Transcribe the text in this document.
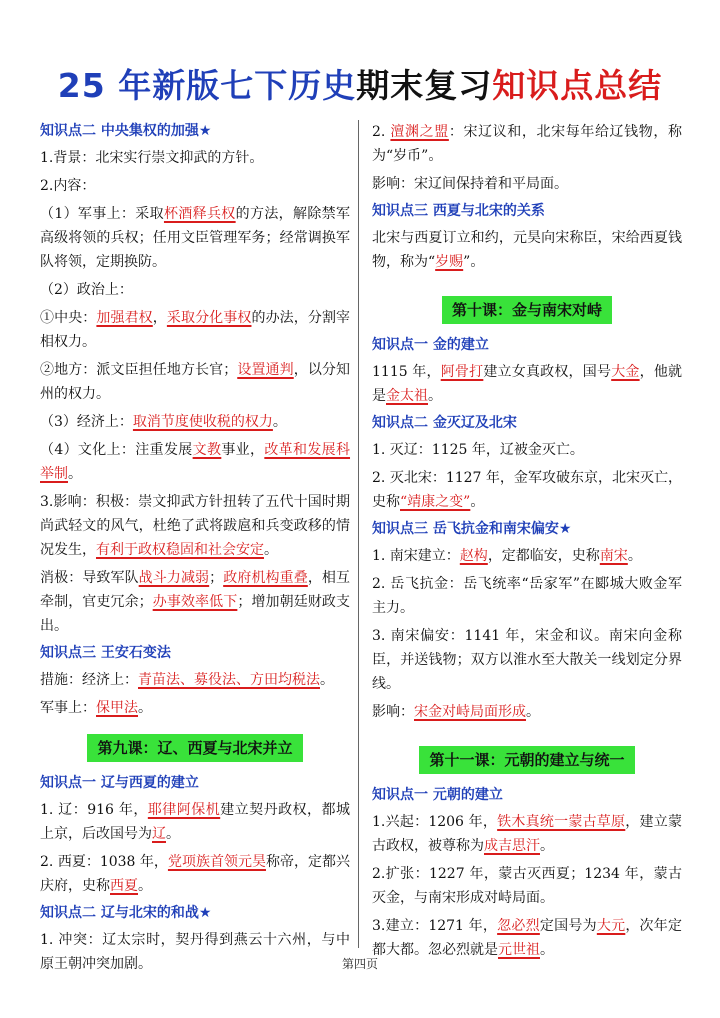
25 年新版七下历史期末复习知识点总结
知识点二 中央集权的加强★
1.背景：北宋实行崇文抑武的方针。
2.内容：
（1）军事上：采取杯酒释兵权的方法，解除禁军高级将领的兵权；任用文臣管理军务；经常调换军队将领，定期换防。
（2）政治上：
①中央：加强君权，采取分化事权的办法，分割宰相权力。
②地方：派文臣担任地方长官；设置通判，以分知州的权力。
（3）经济上：取消节度使收税的权力。
（4）文化上：注重发展文教事业，改革和发展科举制。
3.影响：积极：崇文抑武方针扭转了五代十国时期尚武轻文的风气，杜绝了武将跋扈和兵变政移的情况发生，有利于政权稳固和社会安定。
消极：导致军队战斗力减弱；政府机构重叠，相互牵制，官吏冗余；办事效率低下；增加朝廷财政支出。
知识点三 王安石变法
措施：经济上：青苗法、募役法、方田均税法。
军事上：保甲法。
第九课：辽、西夏与北宋并立
知识点一 辽与西夏的建立
1. 辽：916 年，耶律阿保机建立契丹政权，都城上京，后改国号为辽。
2. 西夏：1038 年，党项族首领元昊称帝，定都兴庆府，史称西夏。
知识点二 辽与北宋的和战★
1. 冲突：辽太宗时，契丹得到燕云十六州，与中原王朝冲突加剧。
2. 澶渊之盟：宋辽议和，北宋每年给辽钱物，称为“岁币”。
影响：宋辽间保持着和平局面。
知识点三 西夏与北宋的关系
北宋与西夏订立和约，元昊向宋称臣，宋给西夏钱物，称为“岁赐”。
第十课：金与南宋对峙
知识点一 金的建立
1115 年，阿骨打建立女真政权，国号大金，他就是金太祖。
知识点二 金灭辽及北宋
1. 灭辽：1125 年，辽被金灭亡。
2. 灭北宋：1127 年，金军攻破东京，北宋灭亡，史称“靖康之变”。
知识点三 岳飞抗金和南宋偏安★
1. 南宋建立：赵构，定都临安，史称南宋。
2. 岳飞抗金：岳飞统率“岳家军”在郾城大败金军主力。
3. 南宋偏安：1141 年，宋金和议。南宋向金称臣，并送钱物；双方以淮水至大散关一线划定分界线。
影响：宋金对峙局面形成。
第十一课：元朝的建立与统一
知识点一 元朝的建立
1.兴起：1206 年，铁木真统一蒙古草原，建立蒙古政权，被尊称为成吉思汗。
2.扩张：1227 年，蒙古灭西夏；1234 年，蒙古灭金，与南宋形成对峙局面。
3.建立：1271 年，忽必烈定国号为大元，次年定都大都。忽必烈就是元世祖。
第四页
